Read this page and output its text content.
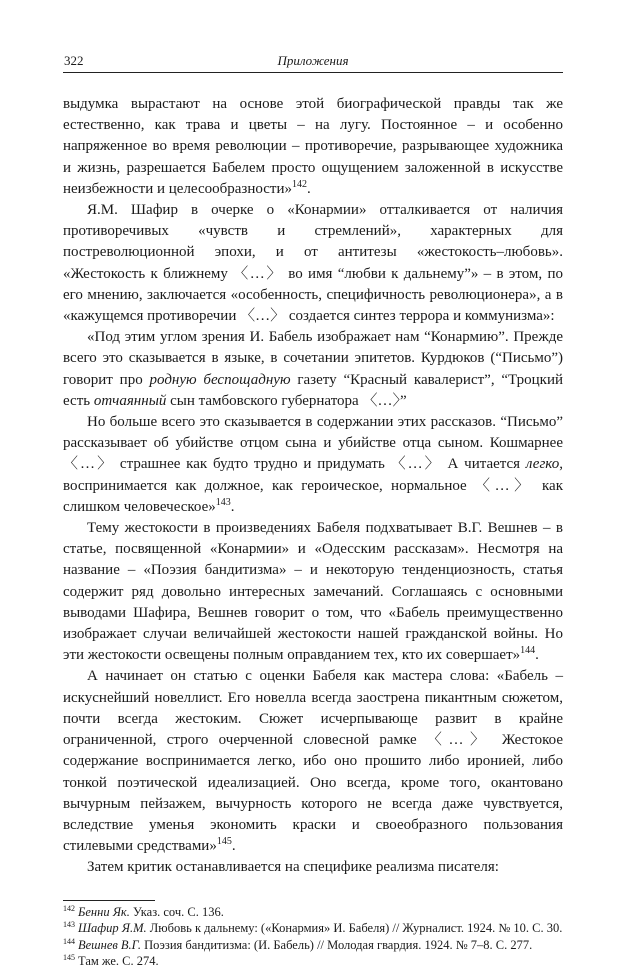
322	Приложения

выдумка вырастают на основе этой биографической правды так же естественно, как трава и цветы – на лугу. Постоянное – и особенно напряженное во время революции – противоречие, разрывающее художника и жизнь, разрешается Бабелем просто ощущением заложенной в искусстве неизбежности и целесообразности»$^{142}$.

Я.М. Шафир в очерке о «Конармии» отталкивается от наличия противоречивых «чувств и стремлений», характерных для постреволюционной эпохи, и от антитезы «жестокость–любовь». «Жестокость к ближнему 〈…〉 во имя “любви к дальнему”» – в этом, по его мнению, заключается «особенность, специфичность революционера», а в «кажущемся противоречии 〈…〉 создается синтез террора и коммунизма»:

«Под этим углом зрения И. Бабель изображает нам “Конармию”. Прежде всего это сказывается в языке, в сочетании эпитетов. Курдюков (“Письмо”) говорит про родную беспощадную газету “Красный кавалерист”, “Троцкий есть отчаянный сын тамбовского губернатора 〈…〉”

Но больше всего это сказывается в содержании этих рассказов. “Письмо” рассказывает об убийстве отцом сына и убийстве отца сыном. Кошмарнее 〈…〉 страшнее как будто трудно и придумать 〈…〉 А читается легко, воспринимается как должное, как героическое, нормальное 〈…〉 как слишком человеческое»$^{143}$.

Тему жестокости в произведениях Бабеля подхватывает В.Г. Вешнев – в статье, посвященной «Конармии» и «Одесским рассказам». Несмотря на название – «Поэзия бандитизма» – и некоторую тенденциозность, статья содержит ряд довольно интересных замечаний. Соглашаясь с основными выводами Шафира, Вешнев говорит о том, что «Бабель преимущественно изображает случаи величайшей жестокости нашей гражданской войны. Но эти жестокости освещены полным оправданием тех, кто их совершает»$^{144}$.

А начинает он статью с оценки Бабеля как мастера слова: «Бабель – искуснейший новеллист. Его новелла всегда заострена пикантным сюжетом, почти всегда жестоким. Сюжет исчерпывающе развит в крайне ограниченной, строго очерченной словесной рамке 〈…〉 Жестокое содержание воспринимается легко, ибо оно прошито либо иронией, либо тонкой поэтической идеализацией. Оно всегда, кроме того, окантовано вычурным пейзажем, вычурность которого не всегда даже чувствуется, вследствие уменья экономить краски и своеобразного пользования стилевыми средствами»$^{145}$.

Затем критик останавливается на специфике реализма писателя:

$^{142}$ Бенни Як. Указ. соч. С. 136.
$^{143}$ Шафир Я.М. Любовь к дальнему: («Конармия» И. Бабеля) // Журналист. 1924. № 10. С. 30.
$^{144}$ Вешнев В.Г. Поэзия бандитизма: (И. Бабель) // Молодая гвардия. 1924. № 7–8. С. 277.
$^{145}$ Там же. С. 274.
